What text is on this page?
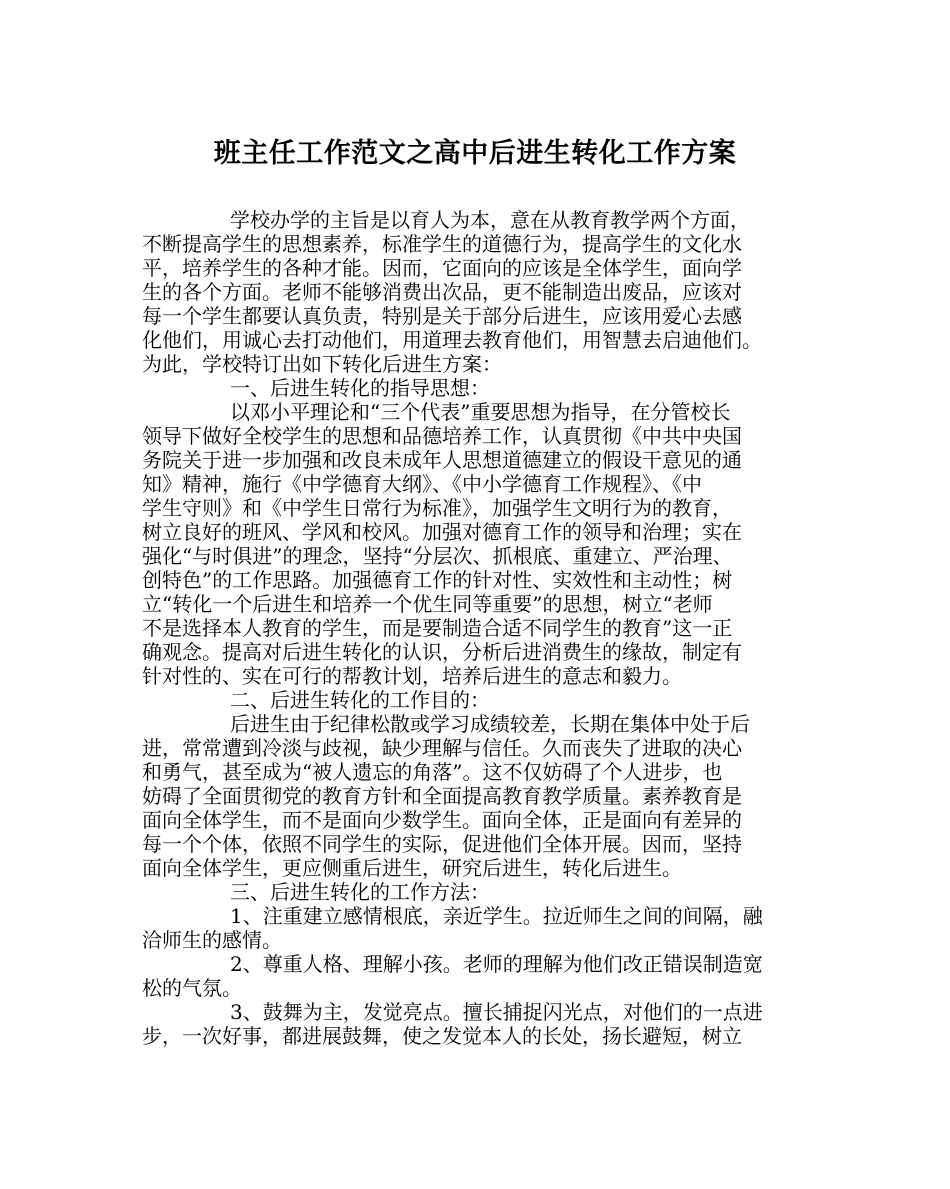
班主任工作范文之高中后进生转化工作方案
学校办学的主旨是以育人为本，意在从教育教学两个方面，
不断提高学生的思想素养，标准学生的道德行为，提高学生的文化水
平，培养学生的各种才能。因而，它面向的应该是全体学生，面向学
生的各个方面。老师不能够消费出次品，更不能制造出废品，应该对
每一个学生都要认真负责，特别是关于部分后进生，应该用爱心去感
化他们，用诚心去打动他们，用道理去教育他们，用智慧去启迪他们。
为此，学校特订出如下转化后进生方案：
一、后进生转化的指导思想：
以邓小平理论和“三个代表”重要思想为指导，在分管校长
领导下做好全校学生的思想和品德培养工作，认真贯彻《中共中央国
务院关于进一步加强和改良未成年人思想道德建立的假设干意见的通
知》精神，施行《中学德育大纲》、《中小学德育工作规程》、《中
学生守则》和《中学生日常行为标准》，加强学生文明行为的教育，
树立良好的班风、学风和校风。加强对德育工作的领导和治理；实在
强化“与时俱进”的理念，坚持“分层次、抓根底、重建立、严治理、
创特色”的工作思路。加强德育工作的针对性、实效性和主动性；树
立“转化一个后进生和培养一个优生同等重要”的思想，树立“老师
不是选择本人教育的学生，而是要制造合适不同学生的教育”这一正
确观念。提高对后进生转化的认识，分析后进消费生的缘故，制定有
针对性的、实在可行的帮教计划，培养后进生的意志和毅力。
二、后进生转化的工作目的：
后进生由于纪律松散或学习成绩较差，长期在集体中处于后
进，常常遭到冷淡与歧视，缺少理解与信任。久而丧失了进取的决心
和勇气，甚至成为“被人遗忘的角落”。这不仅妨碍了个人进步，也
妨碍了全面贯彻党的教育方针和全面提高教育教学质量。素养教育是
面向全体学生，而不是面向少数学生。面向全体，正是面向有差异的
每一个个体，依照不同学生的实际，促进他们全体开展。因而，坚持
面向全体学生，更应侧重后进生，研究后进生，转化后进生。
三、后进生转化的工作方法：
1、注重建立感情根底，亲近学生。拉近师生之间的间隔，融
洽师生的感情。
2、尊重人格、理解小孩。老师的理解为他们改正错误制造宽
松的气氛。
3、鼓舞为主，发觉亮点。擅长捕捉闪光点，对他们的一点进
步，一次好事，都进展鼓舞，使之发觉本人的长处，扬长避短，树立
